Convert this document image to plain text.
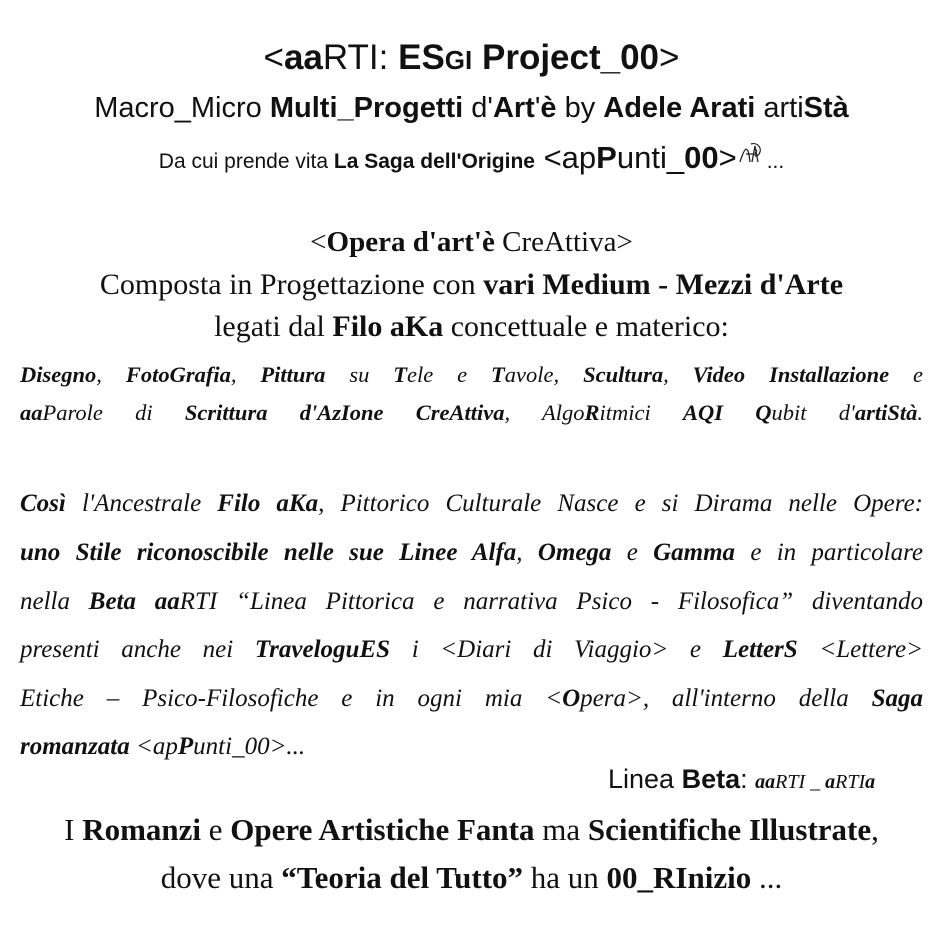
<aaRTI: ESGI Project_00>
Macro_Micro Multi_Progetti d'Art'è by Adele Arati artiStà
Da cui prende vita La Saga dell'Origine <apPunti_00> ...
<Opera d'art'è CreAttiva>
Composta in Progettazione con vari Medium - Mezzi d'Arte
legati dal Filo aKa concettuale e materico:
Disegno, FotoGrafia, Pittura su Tele e Tavole, Scultura, Video Installazione e
aaParole di Scrittura d'AzIone CreAttiva, AlgoRitmici AQI Qubit d'artiStà.
Così l'Ancestrale Filo aKa, Pittorico Culturale Nasce e si Dirama nelle Opere:
uno Stile riconoscibile nelle sue Linee Alfa, Omega e Gamma e in particolare
nella Beta aaRTI “Linea Pittorica e narrativa Psico - Filosofica” diventando
presenti anche nei TraveloguES i <Diari di Viaggio> e LetterS <Lettere>
Etiche – Psico-Filosofiche e in ogni mia <Opera>, all'interno della Saga
romanzata <apPunti_00>...
Linea Beta: aaRTI _ aRTIa
I Romanzi e Opere Artistiche Fanta ma Scientifiche Illustrate,
dove una “Teoria del Tutto” ha un 00_RInizio ...
